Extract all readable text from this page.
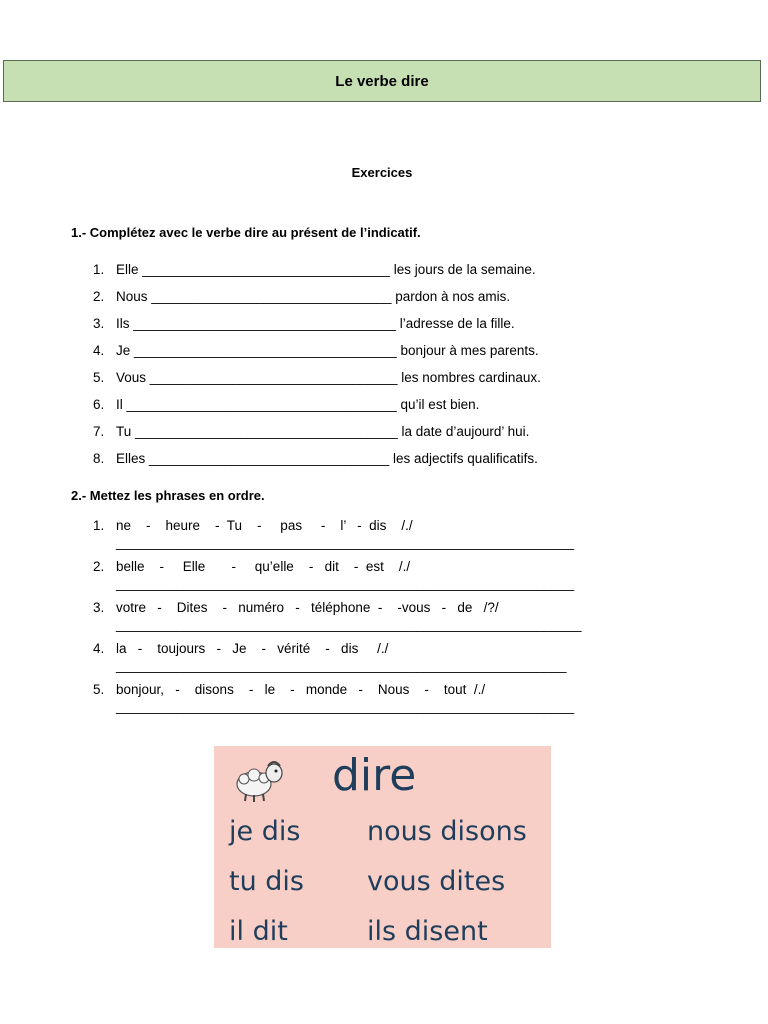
Le verbe dire
Exercices
1.- Complétez avec le verbe dire au présent de l’indicatif.
1. Elle _________________________________ les jours de la semaine.
2. Nous ________________________________ pardon à nos amis.
3. Ils ___________________________________ l’adresse de la fille.
4. Je ___________________________________ bonjour à mes parents.
5. Vous _________________________________ les nombres cardinaux.
6. Il ____________________________________ qu’il est bien.
7. Tu ___________________________________ la date d’aujourd’ hui.
8. Elles ________________________________ les adjectifs qualificatifs.
2.- Mettez les phrases en ordre.
1. ne    -    heure    -  Tu    -     pas     -    l’   -  dis    /./
_____________________________________________________________
2. belle    -     Elle       -     qu’elle    -   dit    -  est    /./
_____________________________________________________________
3. votre   -    Dites    -   numéro   -   téléphone  -    -vous   -   de   /?/
______________________________________________________________
4. la   -    toujours   -   Je    -   vérité    -   dis     /./
____________________________________________________________
5. bonjour,   -    disons    -   le    -   monde   -    Nous    -    tout  /./
_____________________________________________________________
dire
je dis nous disons
tu dis vous dites
il dit	ils disent
